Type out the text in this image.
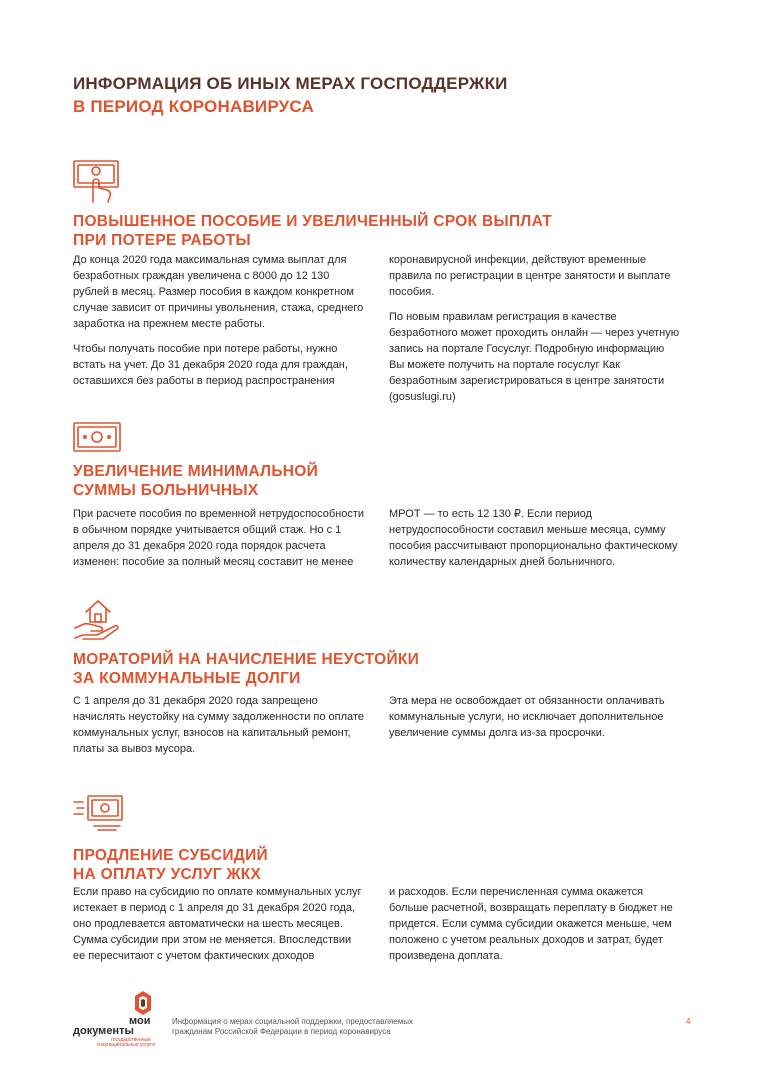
ИНФОРМАЦИЯ ОБ ИНЫХ МЕРАХ ГОСПОДДЕРЖКИ
В ПЕРИОД КОРОНАВИРУСА
ПОВЫШЕННОЕ ПОСОБИЕ И УВЕЛИЧЕННЫЙ СРОК ВЫПЛАТ
ПРИ ПОТЕРЕ РАБОТЫ

До конца 2020 года максимальная сумма выплат для безработных граждан увеличена с 8000 до 12 130 рублей в месяц. Размер пособия в каждом конкретном случае зависит от причины увольнения, стажа, среднего заработка на прежнем месте работы.

Чтобы получать пособие при потере работы, нужно встать на учет. До 31 декабря 2020 года для граждан, оставшихся без работы в период распространения

коронавирусной инфекции, действуют временные правила по регистрации в центре занятости и выплате пособия.

По новым правилам регистрация в качестве безработного может проходить онлайн — через учетную запись на портале Госуслуг. Подробную информацию Вы можете получить на портале госуслуг Как безработным зарегистрироваться в центре занятости (gosuslugi.ru)

УВЕЛИЧЕНИЕ МИНИМАЛЬНОЙ
СУММЫ БОЛЬНИЧНЫХ

При расчете пособия по временной нетрудоспособности в обычном порядке учитывается общий стаж. Но с 1 апреля до 31 декабря 2020 года порядок расчета изменен: пособие за полный месяц составит не менее

МРОТ — то есть 12 130 ₽. Если период нетрудоспособности составил меньше месяца, сумму пособия рассчитывают пропорционально фактическому количеству календарных дней больничного.

МОРАТОРИЙ НА НАЧИСЛЕНИЕ НЕУСТОЙКИ
ЗА КОММУНАЛЬНЫЕ ДОЛГИ

С 1 апреля до 31 декабря 2020 года запрещено начислять неустойку на сумму задолженности по оплате коммунальных услуг, взносов на капитальный ремонт, платы за вывоз мусора.

Эта мера не освобождает от обязанности оплачивать коммунальные услуги, но исключает дополнительное увеличение суммы долга из-за просрочки.

ПРОДЛЕНИЕ СУБСИДИЙ
НА ОПЛАТУ УСЛУГ ЖКХ

Если право на субсидию по оплате коммунальных услуг истекает в период с 1 апреля до 31 декабря 2020 года, оно продлевается автоматически на шесть месяцев. Сумма субсидии при этом не меняется. Впоследствии ее пересчитают с учетом фактических доходов

и расходов. Если перечисленная сумма окажется больше расчетной, возвращать переплату в бюджет не придется. Если сумма субсидии окажется меньше, чем положено с учетом реальных доходов и затрат, будет произведена доплата.

мои
документы
государственные
и муниципальные услуги
Информация о мерах социальной поддержки, предоставляемых
гражданам Российской Федерации в период коронавируса
4
